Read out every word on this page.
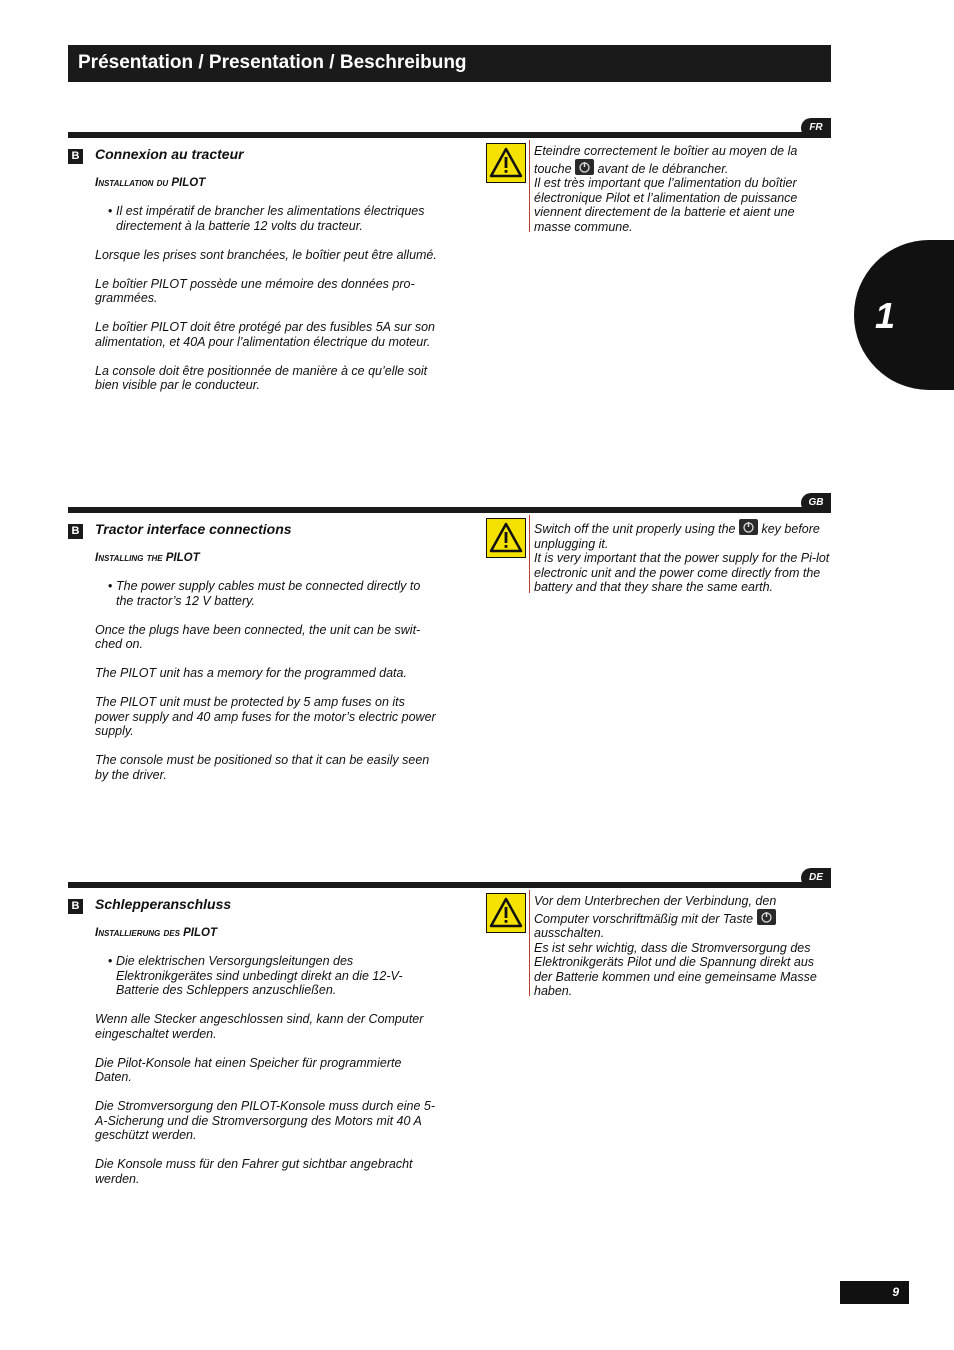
Présentation / Presentation / Beschreibung
1
FR
B Connexion au tracteur
Installation du PILOT

• Il est impératif de brancher les alimentations électriques directement à la batterie 12 volts du tracteur.

Lorsque les prises sont branchées, le boîtier peut être allumé.

Le boîtier PILOT possède une mémoire des données pro-grammées.

Le boîtier PILOT doit être protégé par des fusibles 5A sur son alimentation, et 40A pour l’alimentation électrique du moteur.

La console doit être positionnée de manière à ce qu’elle soit bien visible par le conducteur.

Eteindre correctement le boîtier au moyen de la touche avant de le débrancher.
Il est très important que l’alimentation du boîtier électronique Pilot et l’alimentation de puissance viennent directement de la batterie et aient une masse commune.
GB
B Tractor interface connections
Installing the PILOT

• The power supply cables must be connected directly to the tractor’s 12 V battery.

Once the plugs have been connected, the unit can be swit-ched on.

The PILOT unit has a memory for the programmed data.

The PILOT unit must be protected by 5 amp fuses on its power supply and 40 amp fuses for the motor’s electric power supply.

The console must be positioned so that it can be easily seen by the driver.

Switch off the unit properly using the key before unplugging it.
It is very important that the power supply for the Pi-lot electronic unit and the power come directly from the battery and that they share the same earth.
DE
B Schlepperanschluss
Installierung des PILOT

• Die elektrischen Versorgungsleitungen des Elektronikgerätes sind unbedingt direkt an die 12-V-Batterie des Schleppers anzuschließen.

Wenn alle Stecker angeschlossen sind, kann der Computer eingeschaltet werden.

Die Pilot-Konsole hat einen Speicher für programmierte Daten.

Die Stromversorgung den PILOT-Konsole muss durch eine 5-A-Sicherung und die Stromversorgung des Motors mit 40 A geschützt werden.

Die Konsole muss für den Fahrer gut sichtbar angebracht werden.

Vor dem Unterbrechen der Verbindung, den Computer vorschriftmäßig mit der Taste
ausschalten.
Es ist sehr wichtig, dass die Stromversorgung des Elektronikgeräts Pilot und die Spannung direkt aus der Batterie kommen und eine gemeinsame Masse haben.
9
